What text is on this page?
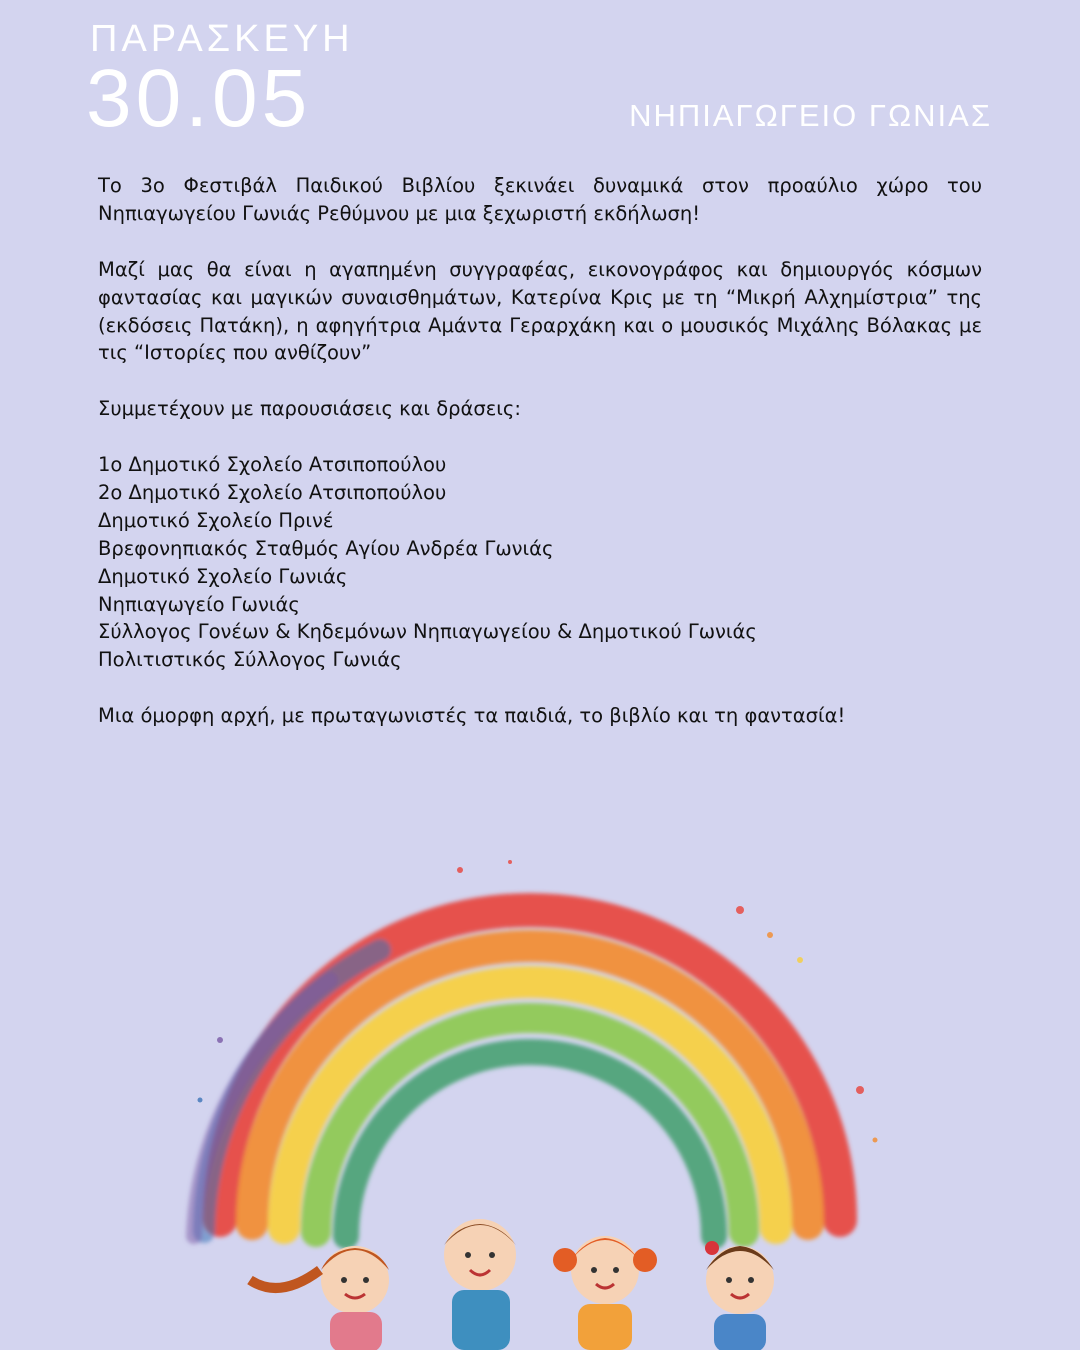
ΠΑΡΑΣΚΕΥΗ
30.05	ΝΗΠΙΑΓΩΓΕΙΟ ΓΩΝΙΑΣ

Το 3ο Φεστιβάλ Παιδικού Βιβλίου ξεκινάει δυναμικά στον προαύλιο χώρο του Νηπιαγωγείου Γωνιάς Ρεθύμνου με μια ξεχωριστή εκδήλωση!

Μαζί μας θα είναι η αγαπημένη συγγραφέας, εικονογράφος και δημιουργός κόσμων φαντασίας και μαγικών συναισθημάτων, Κατερίνα Κρις με τη “Μικρή Αλχημίστρια” της (εκδόσεις Πατάκη), η αφηγήτρια Αμάντα Γεραρχάκη και ο μουσικός Μιχάλης Βόλακας με τις “Ιστορίες που ανθίζουν”

Συμμετέχουν με παρουσιάσεις και δράσεις:

1ο Δημοτικό Σχολείο Ατσιποπούλου
2ο Δημοτικό Σχολείο Ατσιποπούλου
Δημοτικό Σχολείο Πρινέ
Βρεφονηπιακός Σταθμός Αγίου Ανδρέα Γωνιάς
Δημοτικό Σχολείο Γωνιάς
Νηπιαγωγείο Γωνιάς
Σύλλογος Γονέων & Κηδεμόνων Νηπιαγωγείου & Δημοτικού Γωνιάς
Πολιτιστικός Σύλλογος Γωνιάς

Μια όμορφη αρχή, με πρωταγωνιστές τα παιδιά, το βιβλίο και τη φαντασία!
